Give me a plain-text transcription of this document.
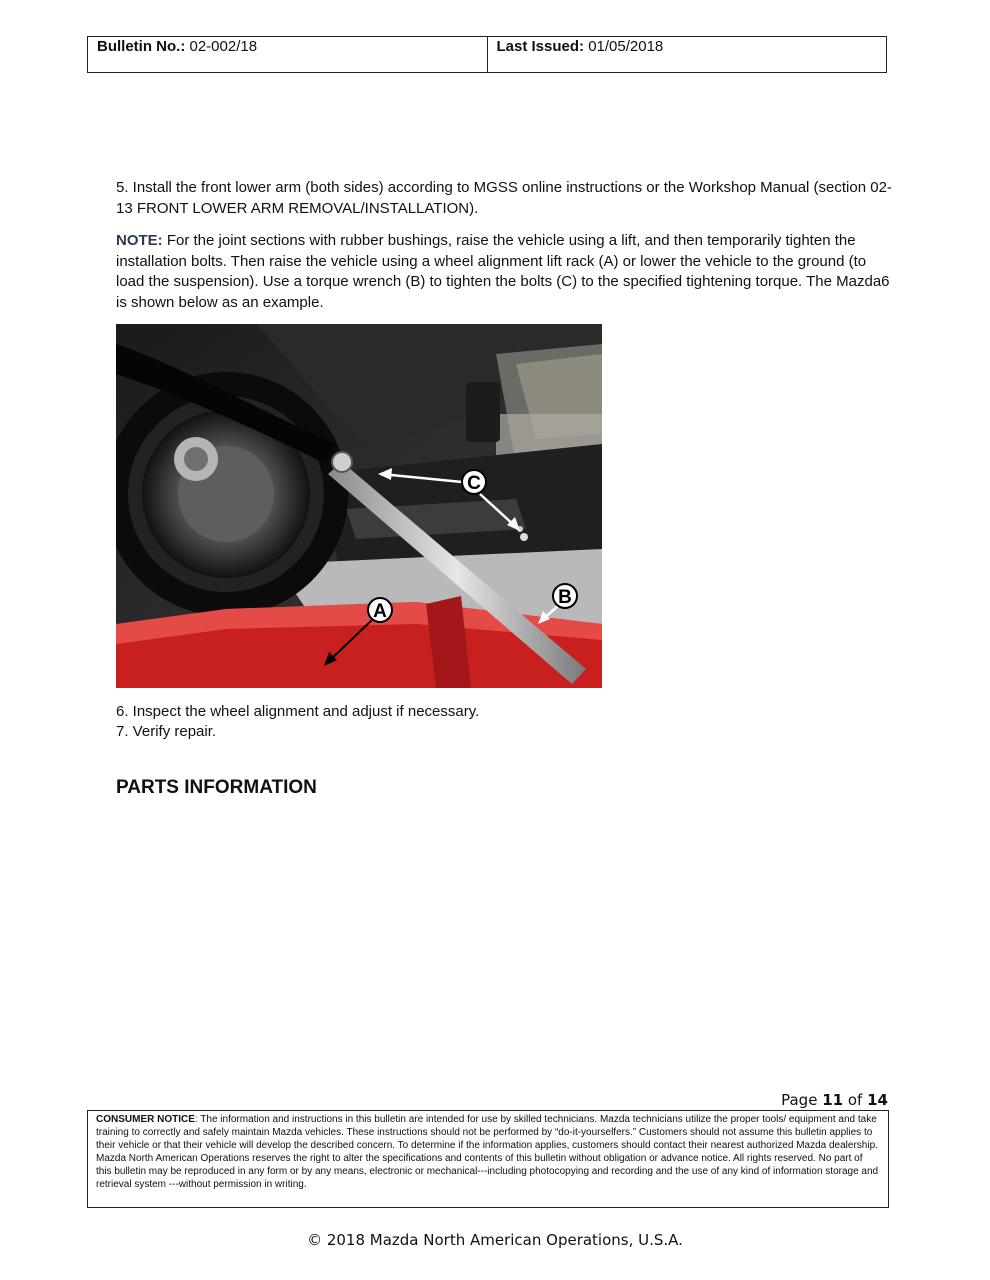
Bulletin No.: 02-002/18	Last Issued: 01/05/2018

5. Install the front lower arm (both sides) according to MGSS online instructions or the Workshop Manual (section 02-13 FRONT LOWER ARM REMOVAL/INSTALLATION).

NOTE: For the joint sections with rubber bushings, raise the vehicle using a lift, and then temporarily tighten the installation bolts. Then raise the vehicle using a wheel alignment lift rack (A) or lower the vehicle to the ground (to load the suspension). Use a torque wrench (B) to tighten the bolts (C) to the specified tightening torque. The Mazda6 is shown below as an example.

C
B
A

6. Inspect the wheel alignment and adjust if necessary.

7. Verify repair.

PARTS INFORMATION
Page 11 of 14
CONSUMER NOTICE: The information and instructions in this bulletin are intended for use by skilled technicians. Mazda technicians utilize the proper tools/ equipment and take training to correctly and safely maintain Mazda vehicles. These instructions should not be performed by “do-it-yourselfers.” Customers should not assume this bulletin applies to their vehicle or that their vehicle will develop the described concern. To determine if the information applies, customers should contact their nearest authorized Mazda dealership. Mazda North American Operations reserves the right to alter the specifications and contents of this bulletin without obligation or advance notice. All rights reserved. No part of this bulletin may be reproduced in any form or by any means, electronic or mechanical---including photocopying and recording and the use of any kind of information storage and retrieval system ---without permission in writing.
© 2018 Mazda North American Operations, U.S.A.
